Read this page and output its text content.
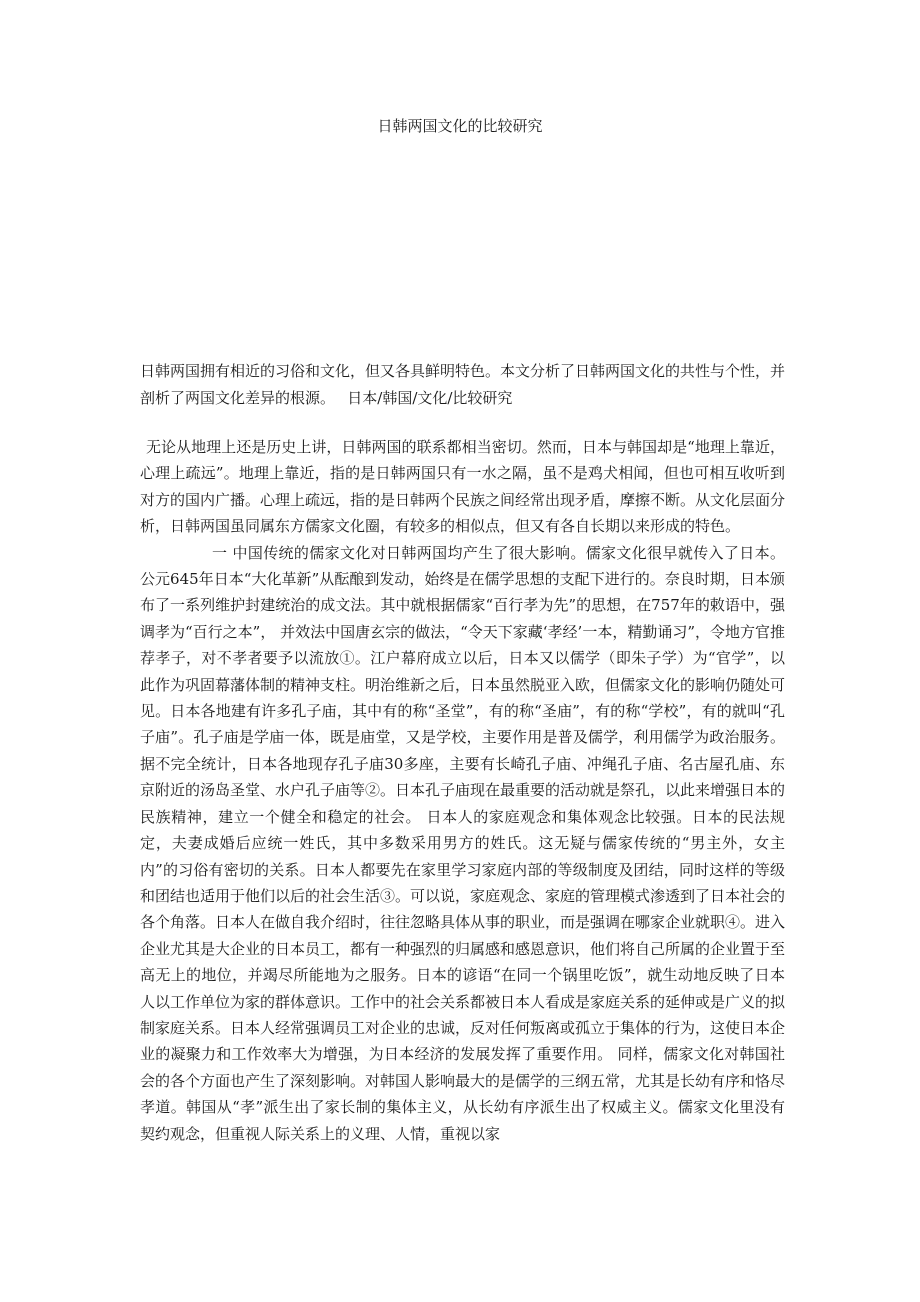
日韩两国文化的比较研究

日韩两国拥有相近的习俗和文化，但又各具鲜明特色。本文分析了日韩两国文化的共性与个性，并剖析了两国文化差异的根源。　 日本/韩国/文化/比较研究

无论从地理上还是历史上讲，日韩两国的联系都相当密切。然而，日本与韩国却是“地理上靠近，心理上疏远”。地理上靠近，指的是日韩两国只有一水之隔，虽不是鸡犬相闻，但也可相互收听到对方的国内广播。心理上疏远，指的是日韩两个民族之间经常出现矛盾，摩擦不断。从文化层面分析，日韩两国虽同属东方儒家文化圈，有较多的相似点，但又有各自长期以来形成的特色。

一 中国传统的儒家文化对日韩两国均产生了很大影响。儒家文化很早就传入了日本。公元645年日本“大化革新”从酝酿到发动，始终是在儒学思想的支配下进行的。奈良时期，日本颁布了一系列维护封建统治的成文法。其中就根据儒家“百行孝为先”的思想，在757年的敕语中，强调孝为“百行之本”， 并效法中国唐玄宗的做法，“令天下家藏‘孝经’一本，精勤诵习”，令地方官推荐孝子，对不孝者要予以流放①。江户幕府成立以后，日本又以儒学（即朱子学）为“官学”，以此作为巩固幕藩体制的精神支柱。明治维新之后，日本虽然脱亚入欧，但儒家文化的影响仍随处可见。日本各地建有许多孔子庙，其中有的称“圣堂”，有的称“圣庙”，有的称“学校”，有的就叫“孔子庙”。孔子庙是学庙一体，既是庙堂，又是学校，主要作用是普及儒学，利用儒学为政治服务。据不完全统计，日本各地现存孔子庙30多座，主要有长崎孔子庙、冲绳孔子庙、名古屋孔庙、东京附近的汤岛圣堂、水户孔子庙等②。日本孔子庙现在最重要的活动就是祭孔，以此来增强日本的民族精神，建立一个健全和稳定的社会。 日本人的家庭观念和集体观念比较强。日本的民法规定，夫妻成婚后应统一姓氏，其中多数采用男方的姓氏。这无疑与儒家传统的“男主外，女主内”的习俗有密切的关系。日本人都要先在家里学习家庭内部的等级制度及团结，同时这样的等级和团结也适用于他们以后的社会生活③。可以说，家庭观念、家庭的管理模式渗透到了日本社会的各个角落。日本人在做自我介绍时，往往忽略具体从事的职业，而是强调在哪家企业就职④。进入企业尤其是大企业的日本员工，都有一种强烈的归属感和感恩意识，他们将自己所属的企业置于至高无上的地位，并竭尽所能地为之服务。日本的谚语“在同一个锅里吃饭”，就生动地反映了日本人以工作单位为家的群体意识。工作中的社会关系都被日本人看成是家庭关系的延伸或是广义的拟制家庭关系。日本人经常强调员工对企业的忠诚，反对任何叛离或孤立于集体的行为，这使日本企业的凝聚力和工作效率大为增强，为日本经济的发展发挥了重要作用。 同样，儒家文化对韩国社会的各个方面也产生了深刻影响。对韩国人影响最大的是儒学的三纲五常，尤其是长幼有序和恪尽孝道。韩国从“孝”派生出了家长制的集体主义，从长幼有序派生出了权威主义。儒家文化里没有契约观念，但重视人际关系上的义理、人情，重视以家
